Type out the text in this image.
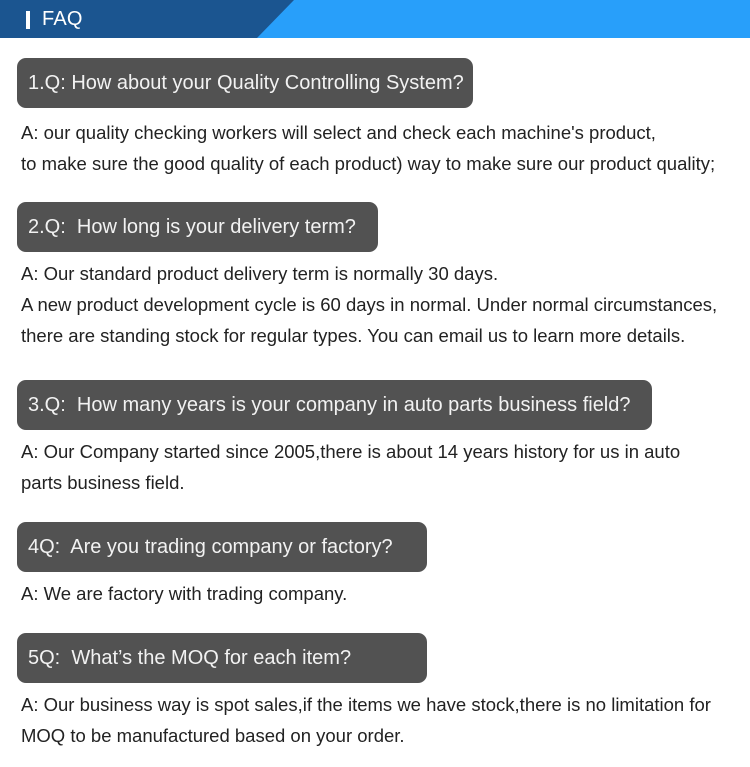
FAQ
1.Q: How about your Quality Controlling System?
A: our quality checking workers will select and check each machine's product,
to make sure the good quality of each product) way to make sure our product quality;
2.Q:  How long is your delivery term?
A: Our standard product delivery term is normally 30 days.
A new product development cycle is 60 days in normal. Under normal circumstances,
there are standing stock for regular types. You can email us to learn more details.
3.Q:  How many years is your company in auto parts business field?
A: Our Company started since 2005,there is about 14 years history for us in auto
parts business field.
4Q:  Are you trading company or factory?
A: We are factory with trading company.
5Q:  What’s the MOQ for each item?
A: Our business way is spot sales,if the items we have stock,there is no limitation for
MOQ to be manufactured based on your order.
